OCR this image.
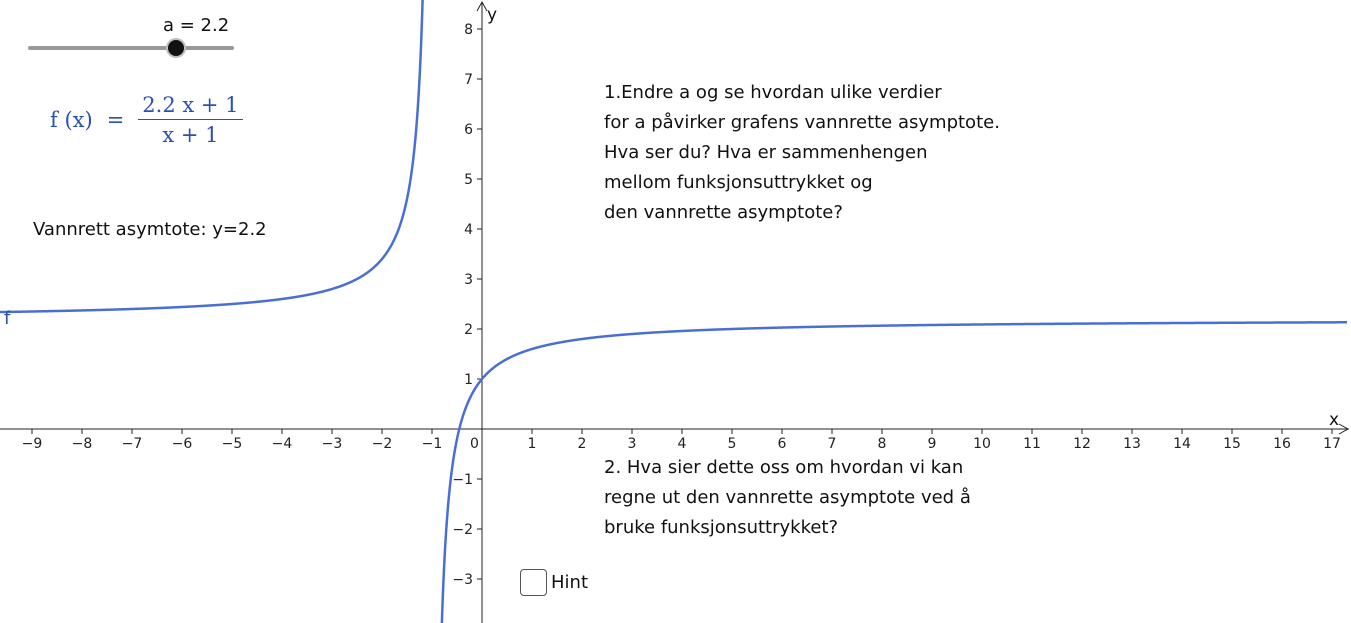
x
y
−9 −8 −7 −6 −5 −4 −3 −2 −1 0	1	2	3	4	5	6	7	8	9	10 11 12 13 14 15 16 17
1
2
3
4
5
6
7
8
−1
−2
−3
a = 2.2
f $(x) = \frac{2.2 x + 1}{x + 1}$
Vannrett asymtote: y=2.2
1.Endre a og se hvordan ulike verdier
for a påvirker grafens vannrette asymptote.
Hva ser du? Hva er sammenhengen
mellom funksjonsuttrykket og
den vannrette asymptote?
2. Hva sier dette oss om hvordan vi kan
regne ut den vannrette asymptote ved å
bruke funksjonsuttrykket?
Hint
f
